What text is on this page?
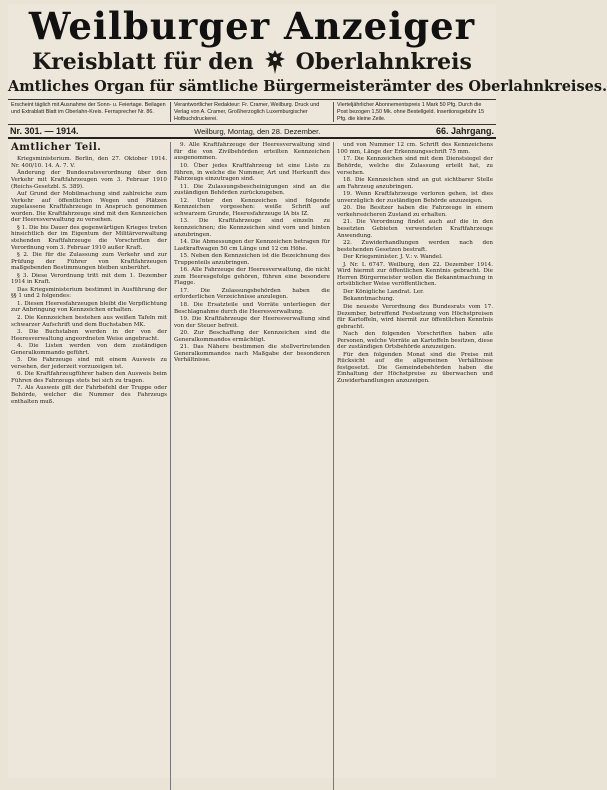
Weilburger Anzeiger
Kreisblatt für den Oberlahnkreis
Amtliches Organ für sämtliche Bürgermeisterämter des Oberlahnkreises.
Erscheint täglich mit Ausnahme der Sonn- u. Feiertage. Beilagen und Extrablatt Blatt im Oberlahn-Kreis. Fernsprecher Nr. 86.
Verantwortlicher Redakteur: Fr. Cramer, Weilburg. Druck und Verlag von A. Cramer, Großherzoglich Luxemburgischer Hofbuchdruckerei.
Vierteljährlicher Abonnementspreis 1 Mark 50 Pfg. Durch die Post bezogen 1,50 Mk. ohne Bestellgeld. Insertionsgebühr 15 Pfg. die kleine Zeile.
Nr. 301. — 1914.	Weilburg, Montag, den 28. Dezember.	66. Jahrgang.
Amtlicher Teil.

Kriegsministerium. Berlin, den 27. Oktober 1914. Nr. 400/10. 14. A. 7. V.

Änderung der Bundesratsverordnung über den Verkehr mit Kraftfahrzeugen vom 3. Februar 1910 (Reichs-Gesetzbl. S. 389).

Auf Grund der Mobilmachung sind zahlreiche zum Verkehr auf öffentlichen Wegen und Plätzen zugelassene Kraftfahrzeuge in Anspruch genommen worden. Die Kraftfahrzeuge sind mit den Kennzeichen der Heeresverwaltung zu versehen.

§ 1. Die bis Dauer des gegenwärtigen Krieges treten hinsichtlich der im Eigentum der Militärverwaltung stehenden Kraftfahrzeuge die Vorschriften der Verordnung vom 3. Februar 1910 außer Kraft.

§ 2. Die für die Zulassung zum Verkehr und zur Prüfung der Führer von Kraftfahrzeugen maßgebenden Bestimmungen bleiben unberührt.

§ 3. Diese Verordnung tritt mit dem 1. Dezember 1914 in Kraft.

Das Kriegsministerium bestimmt in Ausführung der §§ 1 und 2 folgendes:

1. Diesen Heeresfahrzeugen bleibt die Verpflichtung zur Anbringung von Kennzeichen erhalten.

2. Die Kennzeichen bestehen aus weißen Tafeln mit schwarzer Aufschrift und dem Buchstaben MK.

3. Die Buchstaben werden in der von der Heeresverwaltung angeordneten Weise angebracht.

4. Die Listen werden von dem zuständigen Generalkommando geführt.

5. Die Fahrzeuge sind mit einem Ausweis zu versehen, der jederzeit vorzuzeigen ist.

6. Die Kraftfahrzeugführer haben den Ausweis beim Führen des Fahrzeugs stets bei sich zu tragen.

7. Als Ausweis gilt der Fahrbefehl der Truppe oder Behörde, welcher die Nummer des Fahrzeugs enthalten muß.

9. Alle Kraftfahrzeuge der Heeresverwaltung sind für die von Zivilbehörden erteilten Kennzeichen ausgenommen.

10. Über jedes Kraftfahrzeug ist eine Liste zu führen, in welche die Nummer, Art und Herkunft des Fahrzeugs einzutragen sind.

11. Die Zulassungsbescheinigungen sind an die zuständigen Behörden zurückzugeben.

12. Unter den Kennzeichen sind folgende Kennzeichen vorgesehen: weiße Schrift auf schwarzem Grunde, Heeresfahrzeuge IA bis IZ.

13. Die Kraftfahrzeuge sind einzeln zu kennzeichnen; die Kennzeichen sind vorn und hinten anzubringen.

14. Die Abmessungen der Kennzeichen betragen für Lastkraftwagen 50 cm Länge und 12 cm Höhe.

15. Neben den Kennzeichen ist die Bezeichnung des Truppenteils anzubringen.

16. Alle Fahrzeuge der Heeresverwaltung, die nicht zum Heeresgefolge gehören, führen eine besondere Flagge.

17. Die Zulassungsbehörden haben die erforderlichen Verzeichnisse anzulegen.

18. Die Ersatzteile und Vorräte unterliegen der Beschlagnahme durch die Heeresverwaltung.

19. Die Kraftfahrzeuge der Heeresverwaltung sind von der Steuer befreit.

20. Zur Beschaffung der Kennzeichen sind die Generalkommandos ermächtigt.

21. Das Nähere bestimmen die stellvertretenden Generalkommandos nach Maßgabe der besonderen Verhältnisse.

und von Nummer 12 cm. Schrift des Kennzeichens 100 mm, Länge der Erkennungsschrift 75 mm.

17. Die Kennzeichen sind mit dem Dienstsiegel der Behörde, welche die Zulassung erteilt hat, zu versehen.

18. Die Kennzeichen sind an gut sichtbarer Stelle am Fahrzeug anzubringen.

19. Wenn Kraftfahrzeuge verloren gehen, ist dies unverzüglich der zuständigen Behörde anzuzeigen.

20. Die Besitzer haben die Fahrzeuge in einem verkehrssicheren Zustand zu erhalten.

21. Die Verordnung findet auch auf die in den besetzten Gebieten verwendeten Kraftfahrzeuge Anwendung.

22. Zuwiderhandlungen werden nach den bestehenden Gesetzen bestraft.

Der Kriegsminister. J. V.: v. Wandel.

J. Nr. L 6747. Weilburg, den 22. Dezember 1914. Wird hiermit zur öffentlichen Kenntnis gebracht. Die Herren Bürgermeister wollen die Bekanntmachung in ortsüblicher Weise veröffentlichen.

Der Königliche Landrat. Ler.

Bekanntmachung.

Die neueste Verordnung des Bundesrats vom 17. Dezember, betreffend Festsetzung von Höchstpreisen für Kartoffeln, wird hiermit zur öffentlichen Kenntnis gebracht.

Nach den folgenden Vorschriften haben alle Personen, welche Vorräte an Kartoffeln besitzen, diese der zuständigen Ortsbehörde anzuzeigen.

Für den folgenden Monat sind die Preise mit Rücksicht auf die allgemeinen Verhältnisse festgesetzt. Die Gemeindebehörden haben die Einhaltung der Höchstpreise zu überwachen und Zuwiderhandlungen anzuzeigen.
